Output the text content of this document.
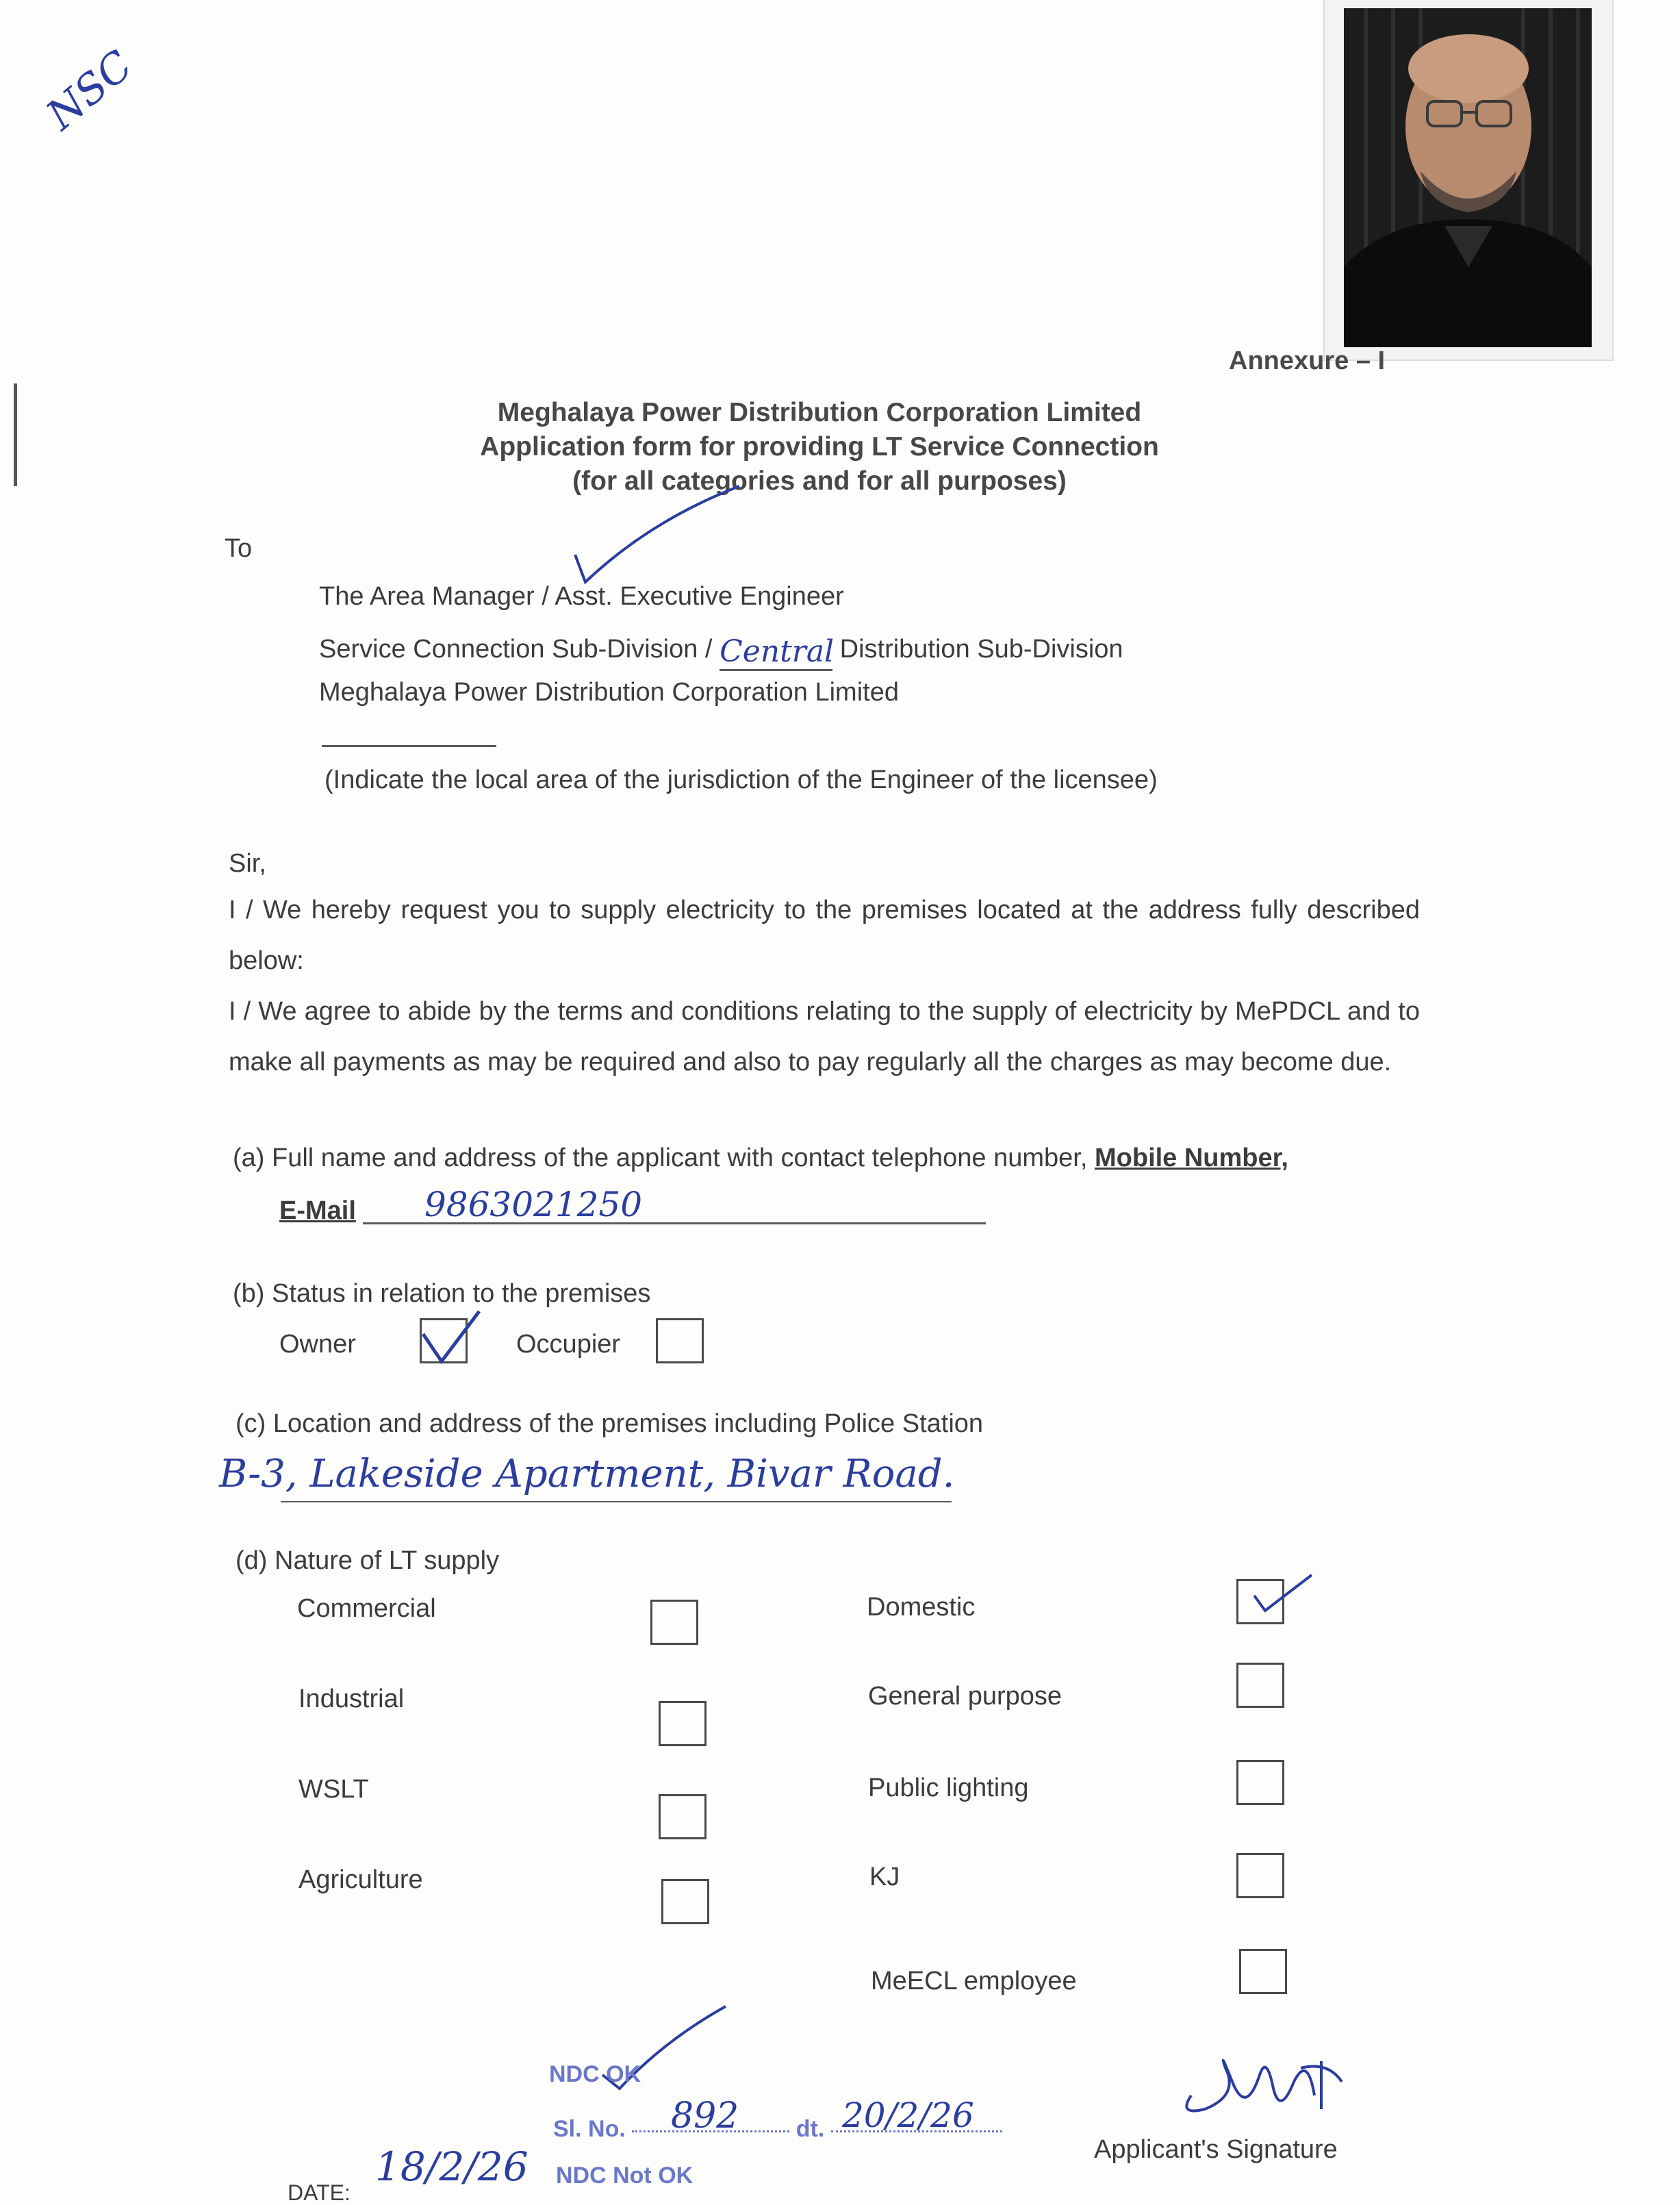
NSC
Annexure – I
Meghalaya Power Distribution Corporation Limited
Application form for providing LT Service Connection
(for all categories and for all purposes)
To
The Area Manager / Asst. Executive Engineer
Service Connection Sub-Division / Central Distribution Sub-Division
Meghalaya Power Distribution Corporation Limited
(Indicate the local area of the jurisdiction of the Engineer of the licensee)
Sir,
I / We hereby request you to supply electricity to the premises located at the address fully described below:
I / We agree to abide by the terms and conditions relating to the supply of electricity by MePDCL and to make all payments as may be required and also to pay regularly all the charges as may become due.
(a) Full name and address of the applicant with contact telephone number, Mobile Number,
E-Mail 9863021250
(b) Status in relation to the premises
Owner	Occupier
(c) Location and address of the premises including Police Station
B-3, Lakeside Apartment, Bivar Road.
(d) Nature of LT supply
Commercial
Industrial
WSLT
Agriculture
Domestic
General purpose
Public lighting
KJ
MeECL employee
NDC OK
Sl. No.	dt.
892	20/2/26
NDC Not OK
DATE:
18/2/26	Applicant's Signature
